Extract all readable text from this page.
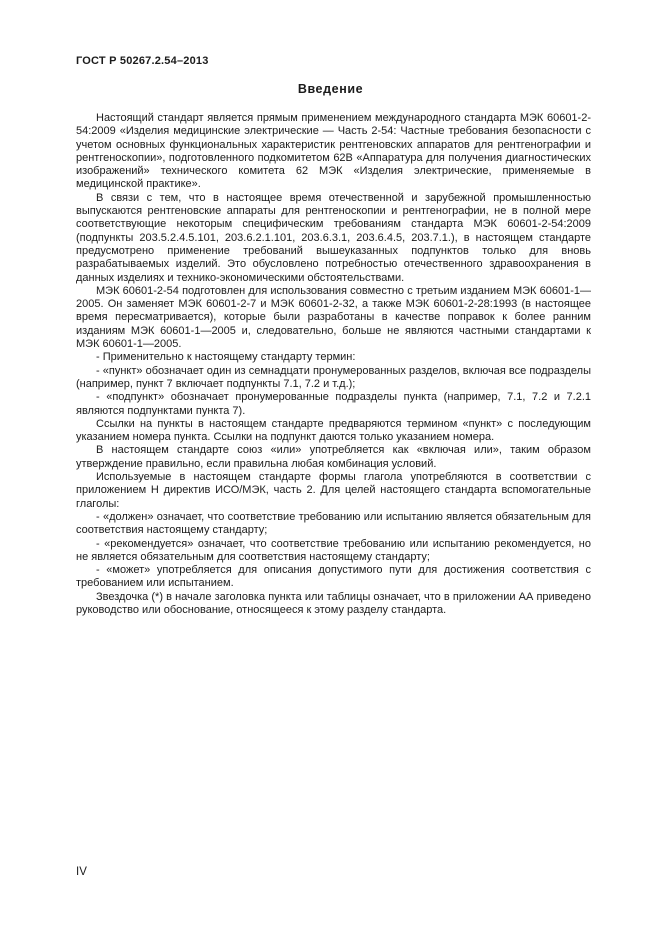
ГОСТ Р 50267.2.54–2013
Введение

Настоящий стандарт является прямым применением международного стандарта МЭК 60601-2-54:2009 «Изделия медицинские электрические — Часть 2-54: Частные требования безопасности с учетом основных функциональных характеристик рентгеновских аппаратов для рентгенографии и рентгеноскопии», подготовленного подкомитетом 62В «Аппаратура для получения диагностических изображений» технического комитета 62 МЭК «Изделия электрические, применяемые в медицинской практике».

В связи с тем, что в настоящее время отечественной и зарубежной промышленностью выпускаются рентгеновские аппараты для рентгеноскопии и рентгенографии, не в полной мере соответствующие некоторым специфическим требованиям стандарта МЭК 60601-2-54:2009 (подпункты 203.5.2.4.5.101, 203.6.2.1.101, 203.6.3.1, 203.6.4.5, 203.7.1.), в настоящем стандарте предусмотрено применение требований вышеуказанных подпунктов только для вновь разрабатываемых изделий. Это обусловлено потребностью отечественного здравоохранения в данных изделиях и технико-экономическими обстоятельствами.

МЭК 60601-2-54 подготовлен для использования совместно с третьим изданием МЭК 60601-1—2005. Он заменяет МЭК 60601-2-7 и МЭК 60601-2-32, а также МЭК 60601-2-28:1993 (в настоящее время пересматривается), которые были разработаны в качестве поправок к более ранним изданиям МЭК 60601-1—2005 и, следовательно, больше не являются частными стандартами к МЭК 60601-1—2005.

- Применительно к настоящему стандарту термин:

- «пункт» обозначает один из семнадцати пронумерованных разделов, включая все подразделы (например, пункт 7 включает подпункты 7.1, 7.2 и т.д.);

- «подпункт» обозначает пронумерованные подразделы пункта (например, 7.1, 7.2 и 7.2.1 являются подпунктами пункта 7).

Ссылки на пункты в настоящем стандарте предваряются термином «пункт» с последующим указанием номера пункта. Ссылки на подпункт даются только указанием номера.

В настоящем стандарте союз «или» употребляется как «включая или», таким образом утверждение правильно, если правильна любая комбинация условий.

Используемые в настоящем стандарте формы глагола употребляются в соответствии с приложением Н директив ИСО/МЭК, часть 2. Для целей настоящего стандарта вспомогательные глаголы:

- «должен» означает, что соответствие требованию или испытанию является обязательным для соответствия настоящему стандарту;

- «рекомендуется» означает, что соответствие требованию или испытанию рекомендуется, но не является обязательным для соответствия настоящему стандарту;

- «может» употребляется для описания допустимого пути для достижения соответствия с требованием или испытанием.

Звездочка (*) в начале заголовка пункта или таблицы означает, что в приложении АА приведено руководство или обоснование, относящееся к этому разделу стандарта.

IV
